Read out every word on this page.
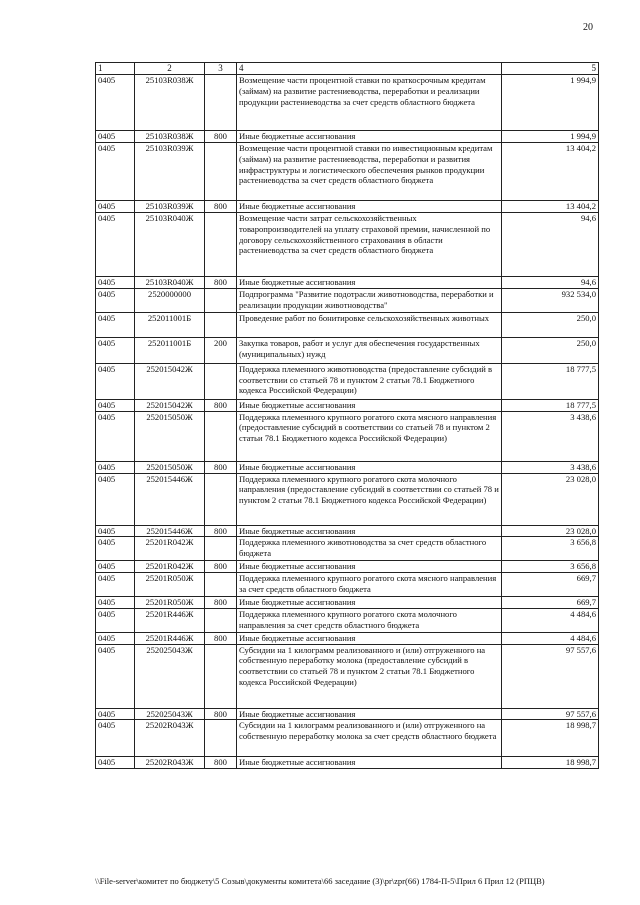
20
1	2	3	4	5
0405	25103R038Ж		Возмещение части процентной ставки по краткосрочным кредитам (займам) на развитие растениеводства, переработки и реализации продукции растениеводства за счет средств областного бюджета	1 994,9
0405	25103R038Ж	800	Иные бюджетные ассигнования	1 994,9
0405	25103R039Ж		Возмещение части процентной ставки по инвестиционным кредитам (займам) на развитие растениеводства, переработки и развития инфраструктуры и логистического обеспечения рынков продукции растениеводства за счет средств областного бюджета	13 404,2
0405	25103R039Ж	800	Иные бюджетные ассигнования	13 404,2
0405	25103R040Ж		Возмещение части затрат сельскохозяйственных товаропроизводителей на уплату страховой премии, начисленной по договору сельскохозяйственного страхования в области растениеводства за счет средств областного бюджета	94,6
0405	25103R040Ж	800	Иные бюджетные ассигнования	94,6
0405	2520000000		Подпрограмма "Развитие подотрасли животноводства, переработки и реализации продукции животноводства"	932 534,0
0405	252011001Б		Проведение работ по бонитировке сельскохозяйственных животных	250,0
0405	252011001Б	200	Закупка товаров, работ и услуг для обеспечения государственных (муниципальных) нужд	250,0
0405	252015042Ж		Поддержка племенного животноводства (предоставление субсидий в соответствии со статьей 78 и пунктом 2 статьи 78.1 Бюджетного кодекса Российской Федерации)	18 777,5
0405	252015042Ж	800	Иные бюджетные ассигнования	18 777,5
0405	252015050Ж		Поддержка племенного крупного рогатого скота мясного направления (предоставление субсидий в соответствии со статьей 78 и пунктом 2 статьи 78.1 Бюджетного кодекса Российской Федерации)	3 438,6
0405	252015050Ж	800	Иные бюджетные ассигнования	3 438,6
0405	252015446Ж		Поддержка племенного крупного рогатого скота молочного направления (предоставление субсидий в соответствии со статьей 78 и пунктом 2 статьи 78.1 Бюджетного кодекса Российской Федерации)	23 028,0
0405	252015446Ж	800	Иные бюджетные ассигнования	23 028,0
0405	25201R042Ж		Поддержка племенного животноводства за счет средств областного бюджета	3 656,8
0405	25201R042Ж	800	Иные бюджетные ассигнования	3 656,8
0405	25201R050Ж		Поддержка племенного крупного рогатого скота мясного направления за счет средств областного бюджета	669,7
0405	25201R050Ж	800	Иные бюджетные ассигнования	669,7
0405	25201R446Ж		Поддержка племенного крупного рогатого скота молочного направления за счет средств областного бюджета	4 484,6
0405	25201R446Ж	800	Иные бюджетные ассигнования	4 484,6
0405	252025043Ж		Субсидии на 1 килограмм реализованного и (или) отгруженного на собственную переработку молока (предоставление субсидий в соответствии со статьей 78 и пунктом 2 статьи 78.1 Бюджетного кодекса Российской Федерации)	97 557,6
0405	252025043Ж	800	Иные бюджетные ассигнования	97 557,6
0405	25202R043Ж		Субсидии на 1 килограмм реализованного и (или) отгруженного на собственную переработку молока за счет средств областного бюджета	18 998,7
0405	25202R043Ж	800	Иные бюджетные ассигнования	18 998,7
\\File-server\комитет по бюджету\5 Созыв\документы комитета\66 заседание (3)\pr\zpr(66) 1784-П-5\Прил 6 Прил 12 (РПЦВ)
